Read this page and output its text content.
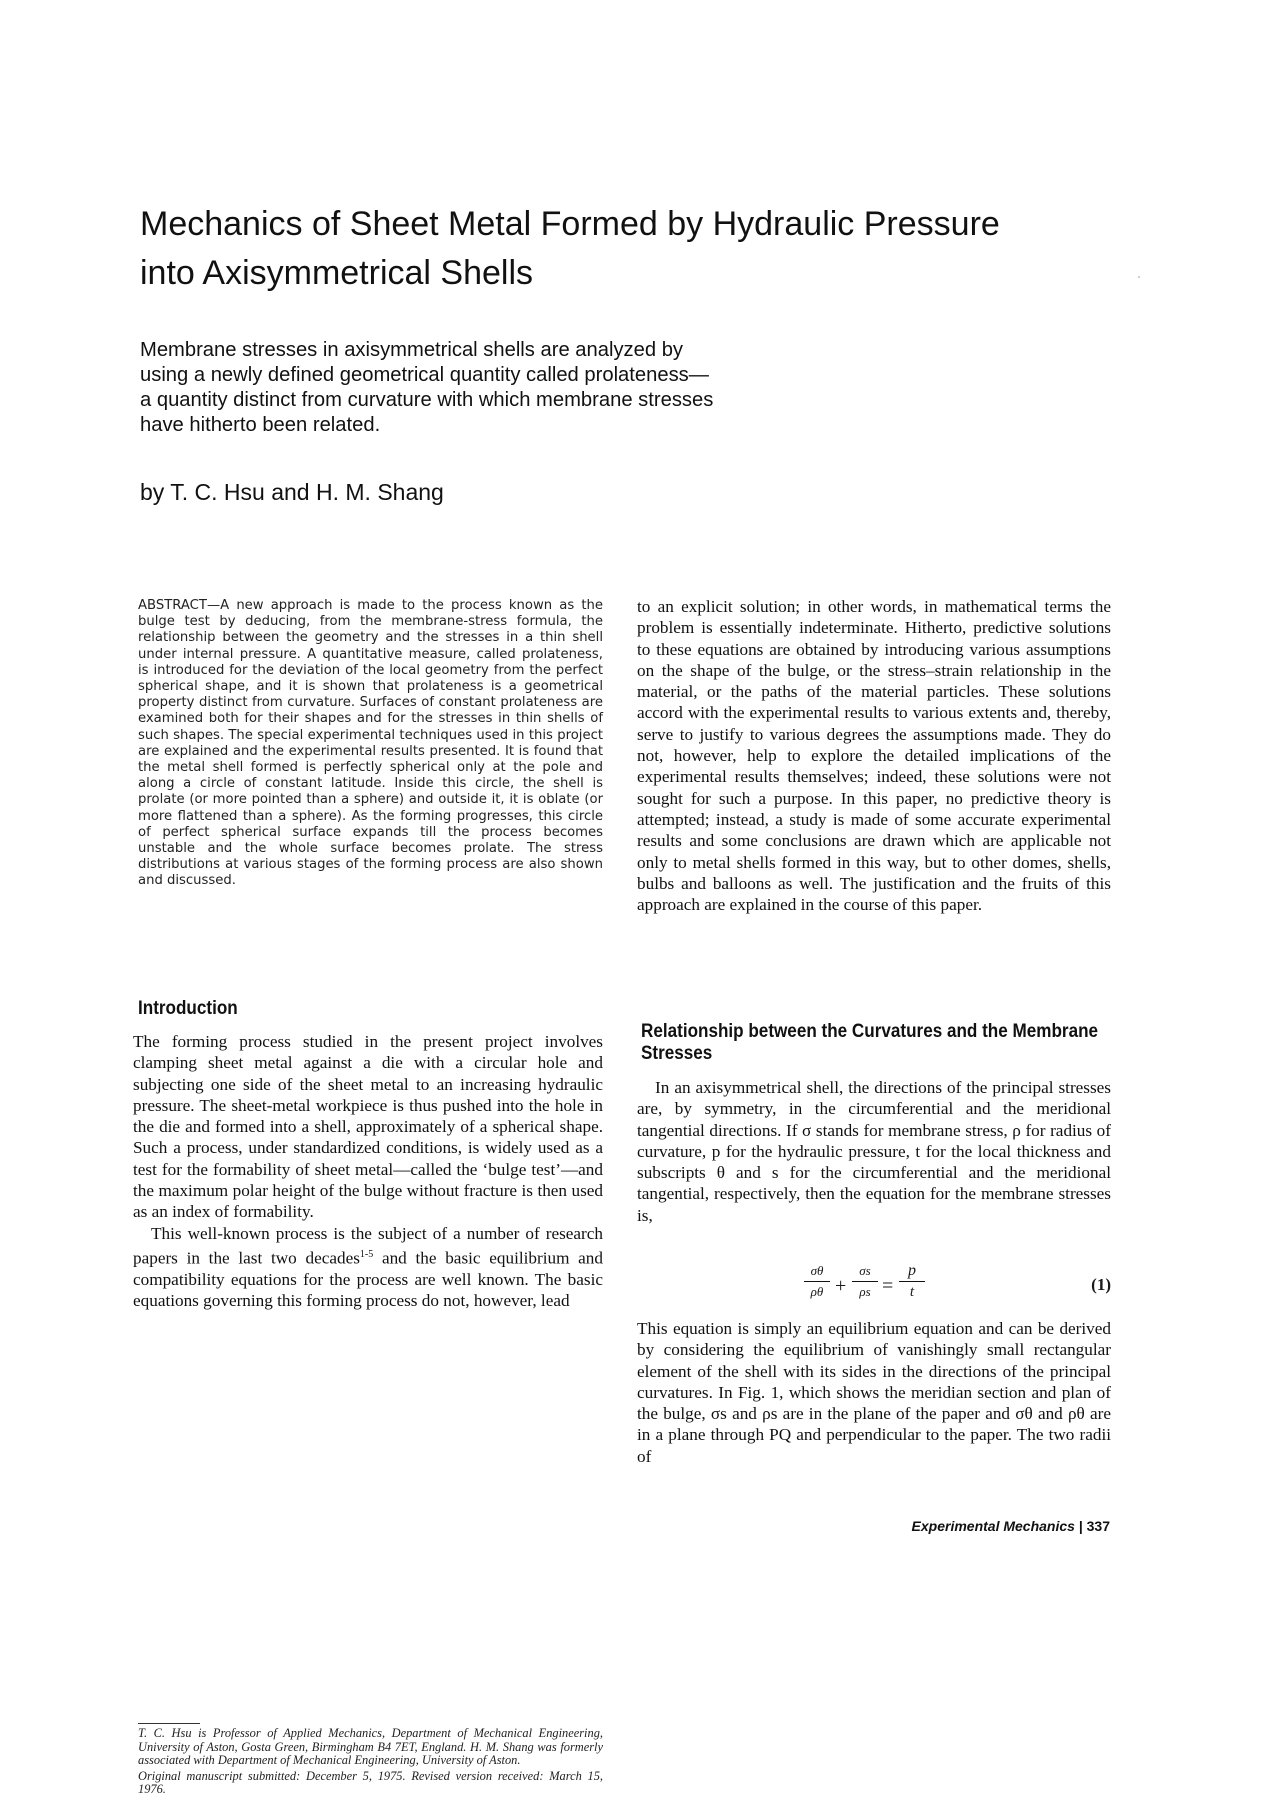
Mechanics of Sheet Metal Formed by Hydraulic Pressure
into Axisymmetrical Shells

Membrane stresses in axisymmetrical shells are analyzed by using a newly defined geometrical quantity called prolateness—a quantity distinct from curvature with which membrane stresses have hitherto been related.

by T. C. Hsu and H. M. Shang

ABSTRACT—A new approach is made to the process known as the bulge test by deducing, from the membrane-stress formula, the relationship between the geometry and the stresses in a thin shell under internal pressure. A quantitative measure, called prolateness, is introduced for the deviation of the local geometry from the perfect spherical shape, and it is shown that prolateness is a geometrical property distinct from curvature. Surfaces of constant prolateness are examined both for their shapes and for the stresses in thin shells of such shapes. The special experimental techniques used in this project are explained and the experimental results presented. It is found that the metal shell formed is perfectly spherical only at the pole and along a circle of constant latitude. Inside this circle, the shell is prolate (or more pointed than a sphere) and outside it, it is oblate (or more flattened than a sphere). As the forming progresses, this circle of perfect spherical surface expands till the process becomes unstable and the whole surface becomes prolate. The stress distributions at various stages of the forming process are also shown and discussed.

Introduction

The forming process studied in the present project involves clamping sheet metal against a die with a circular hole and subjecting one side of the sheet metal to an increasing hydraulic pressure. The sheet-metal workpiece is thus pushed into the hole in the die and formed into a shell, approximately of a spherical shape. Such a process, under standardized conditions, is widely used as a test for the formability of sheet metal—called the ‘bulge test’—and the maximum polar height of the bulge without fracture is then used as an index of formability.

This well-known process is the subject of a number of research papers in the last two decades$^{1-5}$ and the basic equilibrium and compatibility equations for the process are well known. The basic equations governing this forming process do not, however, lead

T. C. Hsu is Professor of Applied Mechanics, Department of Mechanical Engineering, University of Aston, Gosta Green, Birmingham B4 7ET, England. H. M. Shang was formerly associated with Department of Mechanical Engineering, University of Aston.

Original manuscript submitted: December 5, 1975. Revised version received: March 15, 1976.

to an explicit solution; in other words, in mathematical terms the problem is essentially indeterminate. Hitherto, predictive solutions to these equations are obtained by introducing various assumptions on the shape of the bulge, or the stress–strain relationship in the material, or the paths of the material particles. These solutions accord with the experimental results to various extents and, thereby, serve to justify to various degrees the assumptions made. They do not, however, help to explore the detailed implications of the experimental results themselves; indeed, these solutions were not sought for such a purpose. In this paper, no predictive theory is attempted; instead, a study is made of some accurate experimental results and some conclusions are drawn which are applicable not only to metal shells formed in this way, but to other domes, shells, bulbs and balloons as well. The justification and the fruits of this approach are explained in the course of this paper.

Relationship between the Curvatures and the Membrane Stresses

In an axisymmetrical shell, the directions of the principal stresses are, by symmetry, in the circumferential and the meridional tangential directions. If σ stands for membrane stress, ρ for radius of curvature, p for the hydraulic pressure, t for the local thickness and subscripts θ and s for the circumferential and the meridional tangential, respectively, then the equation for the membrane stresses is,

σθ
ρθ +
σs
ρs =
p
t	(1)

This equation is simply an equilibrium equation and can be derived by considering the equilibrium of vanishingly small rectangular element of the shell with its sides in the directions of the principal curvatures. In Fig. 1, which shows the meridian section and plan of the bulge, σs and ρs are in the plane of the paper and σθ and ρθ are in a plane through PQ and perpendicular to the paper. The two radii of

Experimental Mechanics | 337
